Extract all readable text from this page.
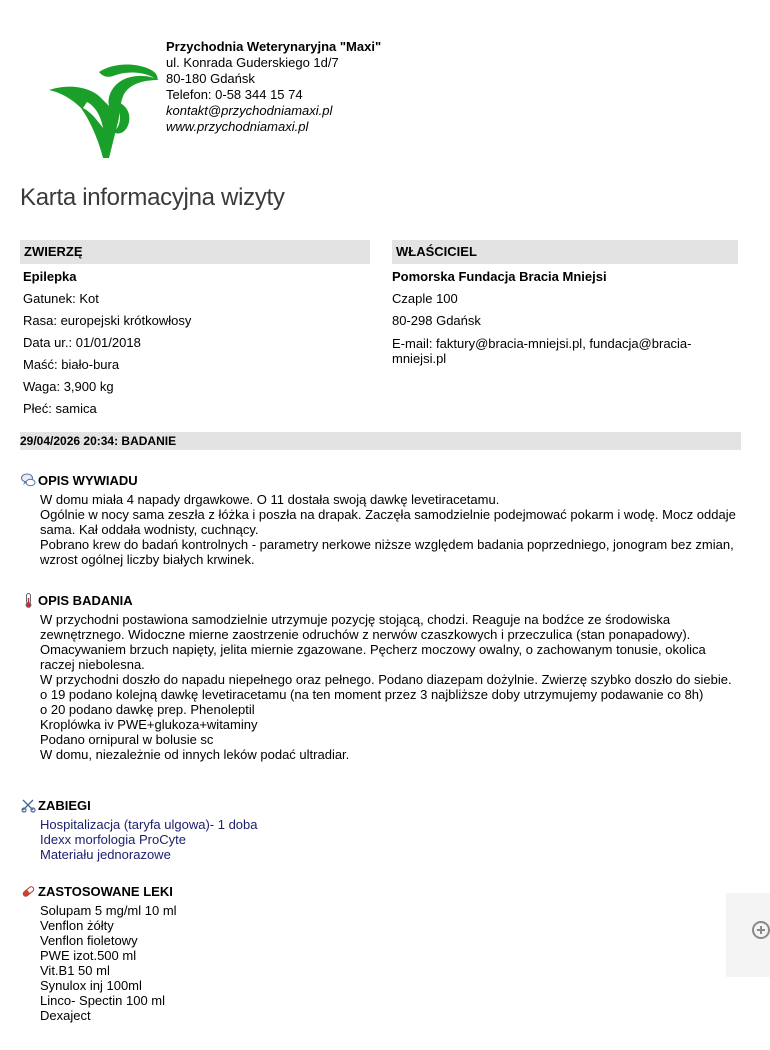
Przychodnia Weterynaryjna "Maxi"
ul. Konrada Guderskiego 1d/7
80-180 Gdańsk
Telefon: 0-58 344 15 74
kontakt@przychodniamaxi.pl
www.przychodniamaxi.pl
Karta informacyjna wizyty
ZWIERZĘ	WŁAŚCICIEL
Epilepka
Gatunek: Kot
Rasa: europejski krótkowłosy
Data ur.: 01/01/2018
Maść: biało-bura
Waga: 3,900 kg
Płeć: samica
Pomorska Fundacja Bracia Mniejsi
Czaple 100
80-298 Gdańsk
E-mail: faktury@bracia-mniejsi.pl, fundacja@bracia-mniejsi.pl
29/04/2026 20:34: BADANIE
OPIS WYWIADU
W domu miała 4 napady drgawkowe. O 11 dostała swoją dawkę levetiracetamu.
Ogólnie w nocy sama zeszła z łóżka i poszła na drapak. Zaczęła samodzielnie podejmować pokarm i wodę. Mocz oddaje sama. Kał oddała wodnisty, cuchnący.
Pobrano krew do badań kontrolnych - parametry nerkowe niższe względem badania poprzedniego, jonogram bez zmian, wzrost ogólnej liczby białych krwinek.
OPIS BADANIA
W przychodni postawiona samodzielnie utrzymuje pozycję stojącą, chodzi. Reaguje na bodźce ze środowiska zewnętrznego. Widoczne mierne zaostrzenie odruchów z nerwów czaszkowych i przeczulica (stan ponapadowy).
Omacywaniem brzuch napięty, jelita miernie zgazowane. Pęcherz moczowy owalny, o zachowanym tonusie, okolica raczej niebolesna.
W przychodni doszło do napadu niepełnego oraz pełnego. Podano diazepam dożylnie. Zwierzę szybko doszło do siebie.
o 19 podano kolejną dawkę levetiracetamu (na ten moment przez 3 najbliższe doby utrzymujemy podawanie co 8h)
o 20 podano dawkę prep. Phenoleptil
Kroplówka iv PWE+glukoza+witaminy
Podano ornipural w bolusie sc
W domu, niezależnie od innych leków podać ultradiar.
ZABIEGI
Hospitalizacja (taryfa ulgowa)- 1 doba
Idexx morfologia ProCyte
Materiału jednorazowe
ZASTOSOWANE LEKI
Solupam 5 mg/ml 10 ml
Venflon żółty
Venflon fioletowy
PWE izot.500 ml
Vit.B1 50 ml
Synulox inj 100ml
Linco- Spectin 100 ml
Dexaject
